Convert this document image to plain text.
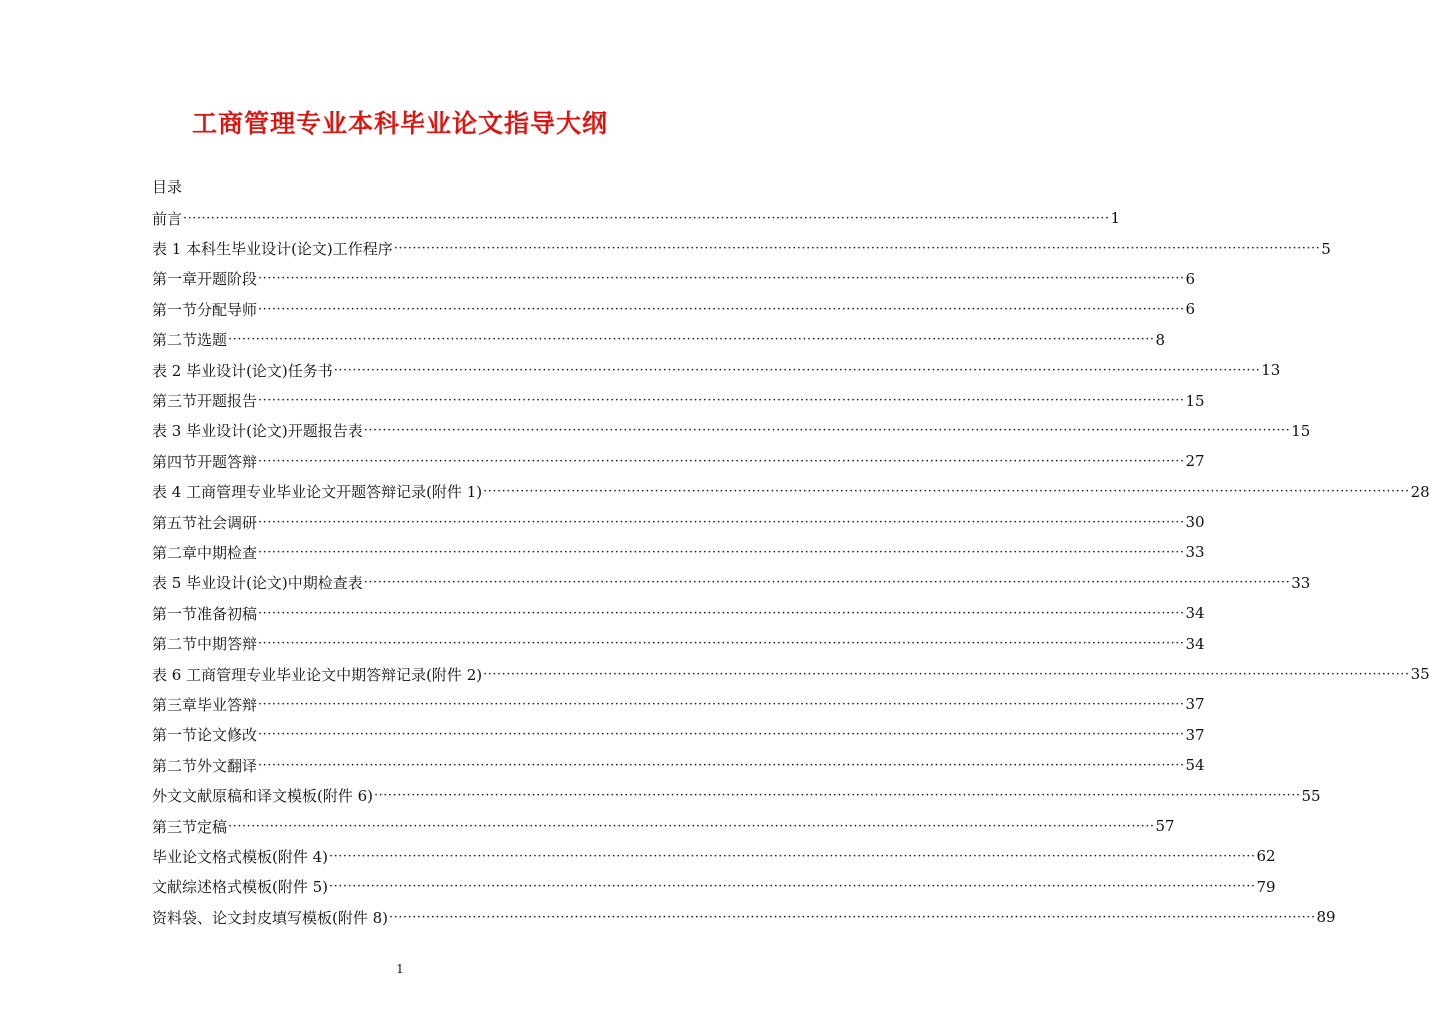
工商管理专业本科毕业论文指导大纲
目录
前言 ········································································································································································································ 1
表 1 本科生毕业设计(论文)工作程序 ········································································································································································································ 5
第一章开题阶段 ········································································································································································································ 6
第一节分配导师 ········································································································································································································ 6
第二节选题 ········································································································································································································ 8
表 2 毕业设计(论文)任务书 ········································································································································································································ 13
第三节开题报告 ········································································································································································································ 15
表 3 毕业设计(论文)开题报告表 ········································································································································································································ 15
第四节开题答辩 ········································································································································································································ 27
表 4 工商管理专业毕业论文开题答辩记录(附件 1) ········································································································································································································ 28
第五节社会调研 ········································································································································································································ 30
第二章中期检查 ········································································································································································································ 33
表 5 毕业设计(论文)中期检查表 ········································································································································································································ 33
第一节准备初稿 ········································································································································································································ 34
第二节中期答辩 ········································································································································································································ 34
表 6 工商管理专业毕业论文中期答辩记录(附件 2) ········································································································································································································ 35
第三章毕业答辩 ········································································································································································································ 37
第一节论文修改 ········································································································································································································ 37
第二节外文翻译 ········································································································································································································ 54
外文文献原稿和译文模板(附件 6) ········································································································································································································ 55
第三节定稿 ········································································································································································································ 57
毕业论文格式模板(附件 4) ········································································································································································································ 62
文献综述格式模板(附件 5) ········································································································································································································ 79
资料袋、论文封皮填写模板(附件 8) ········································································································································································································ 89
1
